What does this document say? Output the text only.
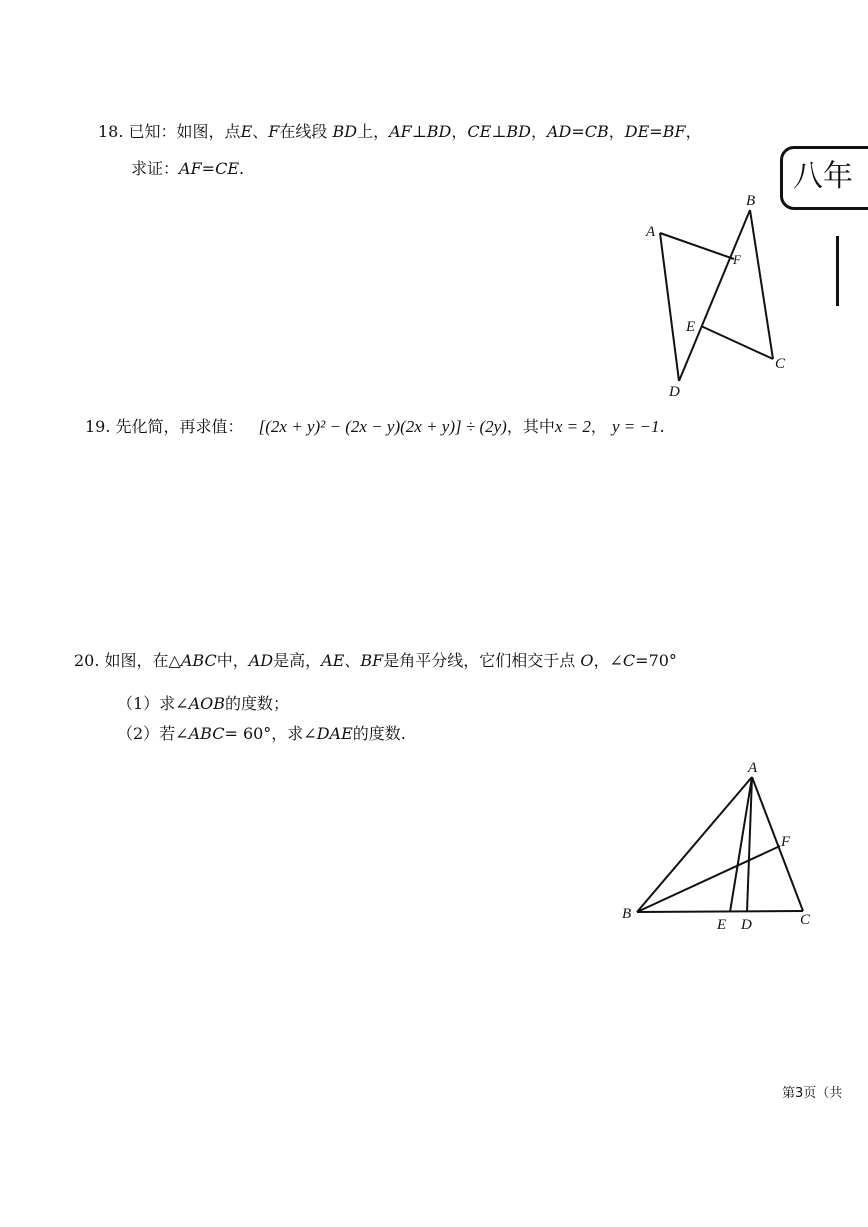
18. 已知：如图，点E、F在线段 BD上，AF⊥BD，CE⊥BD，AD=CB，DE=BF，
求证：AF=CE.	八年
A
B
F
E
C
D
A
F
B
E D	C
19. 先化简，再求值： [(2x + y)² − (2x − y)(2x + y)] ÷ (2y)，其中x = 2， y = −1.
20. 如图，在△ABC中，AD是高，AE、BF是角平分线，它们相交于点 O，∠C=70°
（1）求∠AOB的度数；
（2）若∠ABC= 60°，求∠DAE的度数.
第3页（共
